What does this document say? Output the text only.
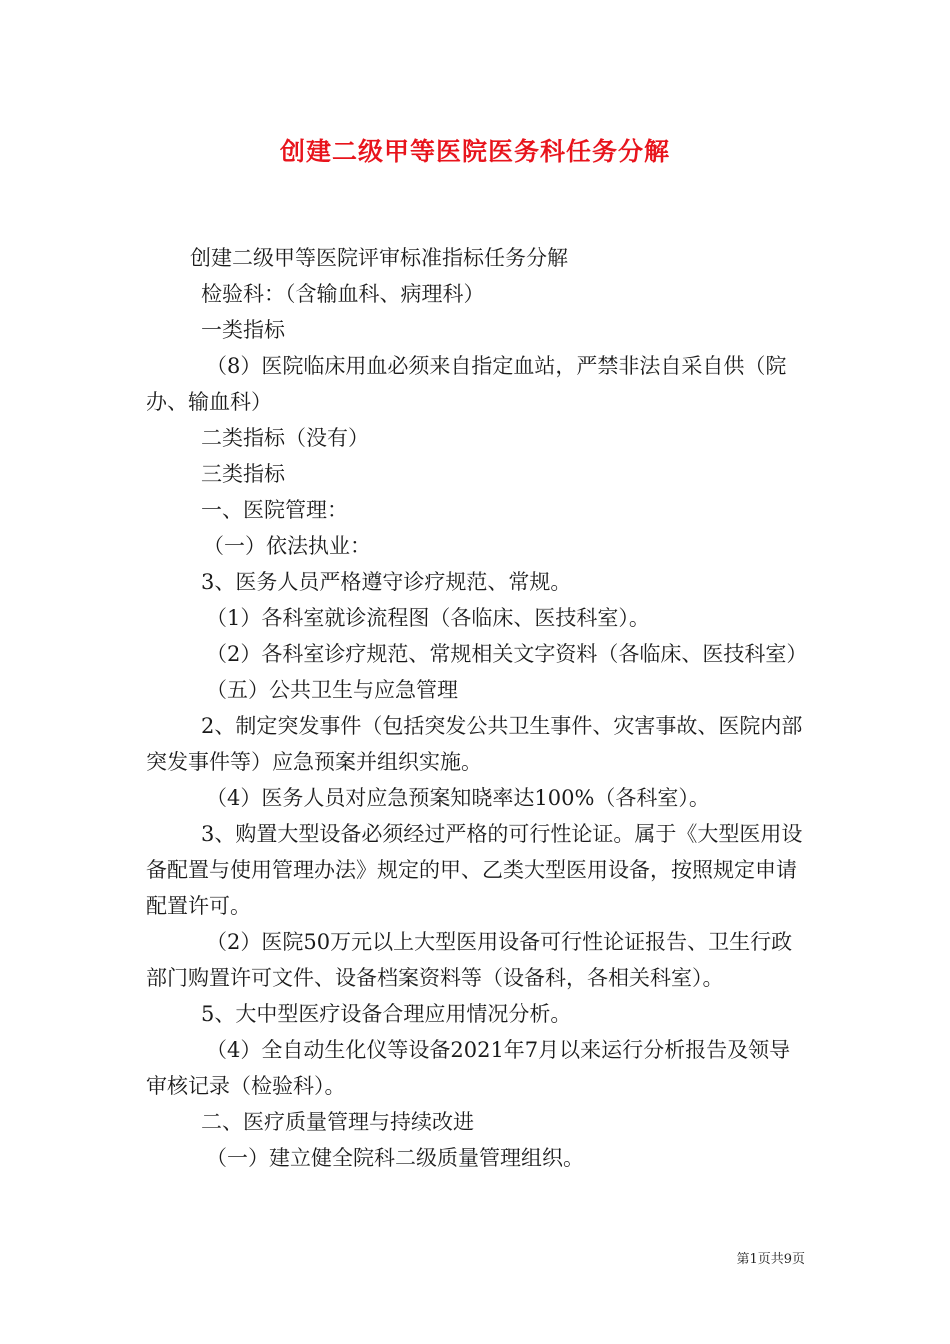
创建二级甲等医院医务科任务分解

创建二级甲等医院评审标准指标任务分解

检验科：（含输血科、病理科）

一类指标

（8）医院临床用血必须来自指定血站，严禁非法自采自供（院办、输血科）

二类指标（没有）

三类指标

一、医院管理：

（一）依法执业：

3、医务人员严格遵守诊疗规范、常规。

（1）各科室就诊流程图（各临床、医技科室）。

（2）各科室诊疗规范、常规相关文字资料（各临床、医技科室）

（五）公共卫生与应急管理

2、制定突发事件（包括突发公共卫生事件、灾害事故、医院内部突发事件等）应急预案并组织实施。

（4）医务人员对应急预案知晓率达100%（各科室）。

3、购置大型设备必须经过严格的可行性论证。属于《大型医用设备配置与使用管理办法》规定的甲、乙类大型医用设备，按照规定申请配置许可。

（2）医院50万元以上大型医用设备可行性论证报告、卫生行政部门购置许可文件、设备档案资料等（设备科，各相关科室）。

5、大中型医疗设备合理应用情况分析。

（4）全自动生化仪等设备2021年7月以来运行分析报告及领导审核记录（检验科）。

二、医疗质量管理与持续改进

（一）建立健全院科二级质量管理组织。

第1页共9页
